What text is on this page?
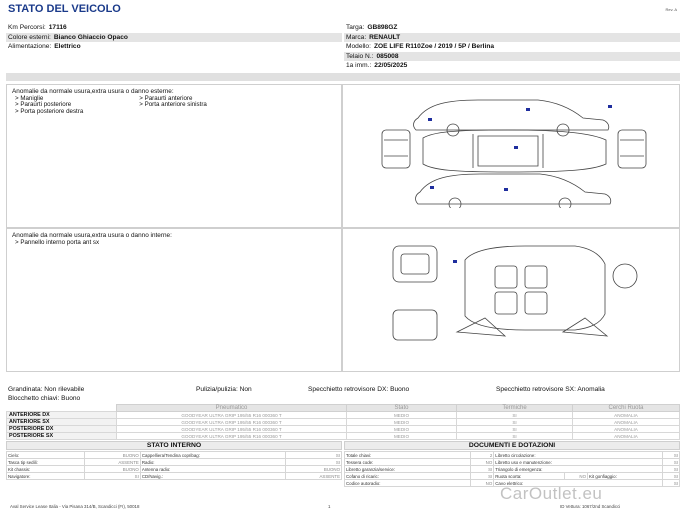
STATO DEL VEICOLO	Rev. A
Km Percorsi: 17116
Colore esterni: Bianco Ghiaccio Opaco
Alimentazione: Elettrico
Targa: GB898GZ
Marca: RENAULT
Modello: ZOE LIFE R110Zoe / 2019 / 5P / Berlina
Telaio N.: 085008
1a imm.: 22/05/2025
Anomalie da normale usura,extra usura o danno esterne:
> Maniglie
> Paraurti posteriore
> Porta posteriore destra
> Paraurti anteriore
> Porta anteriore sinistra
Anomalie da normale usura,extra usura o danno interne:
> Pannello interno porta ant sx
Grandinata: Non rilevabile	Pulizia/pulizia: Non	Specchietto retrovisore DX: Buono	Specchietto retrovisore SX: Anomalia
Blocchetto chiavi: Buono
	Pneumatico	Stato	Termiche	Cerchi Ruota
ANTERIORE DX	GOODYEAR ULTRA GRIP 195/55 R16 000360 T	MEDIO	SI	ANOMALIA
ANTERIORE SX	GOODYEAR ULTRA GRIP 195/55 R16 000360 T	MEDIO	SI	ANOMALIA
POSTERIORE DX	GOODYEAR ULTRA GRIP 195/55 R16 000360 T	MEDIO	SI	ANOMALIA
POSTERIORE SX	GOODYEAR ULTRA GRIP 195/55 R16 000360 T	MEDIO	SI	ANOMALIA
STATO INTERNO
Cielo:	BUONO	Cappelliera/Tendina copribag:	SI
Tasca tip sedili:	ASSENTE	Radio:	SI
Kit chassis:	BUONO	Antenna radio:	BUONO
Navigatore:	SI	CD/Navig.:	ASSENTE
DOCUMENTI E DOTAZIONI
Totale chiavi:	2	Libretto circolazione:			SI
Tessera code:	NO	Libretto uso e manutenzione:			SI
Libretto garanzia/service:	SI	Triangolo di emergenza:			SI
Cofano di ricaric:	SI	Ruota scorta:	NO	Kit gonfiaggio:	SI
Codice autoradio:	NO	Cavo elettrico:			SI
Aval Service Lease Italia - Via Pisana 314/B, Scandicci (FI), 50018	1	ID Vettura: 1067/2nd Scandicci
CarOutlet.eu
